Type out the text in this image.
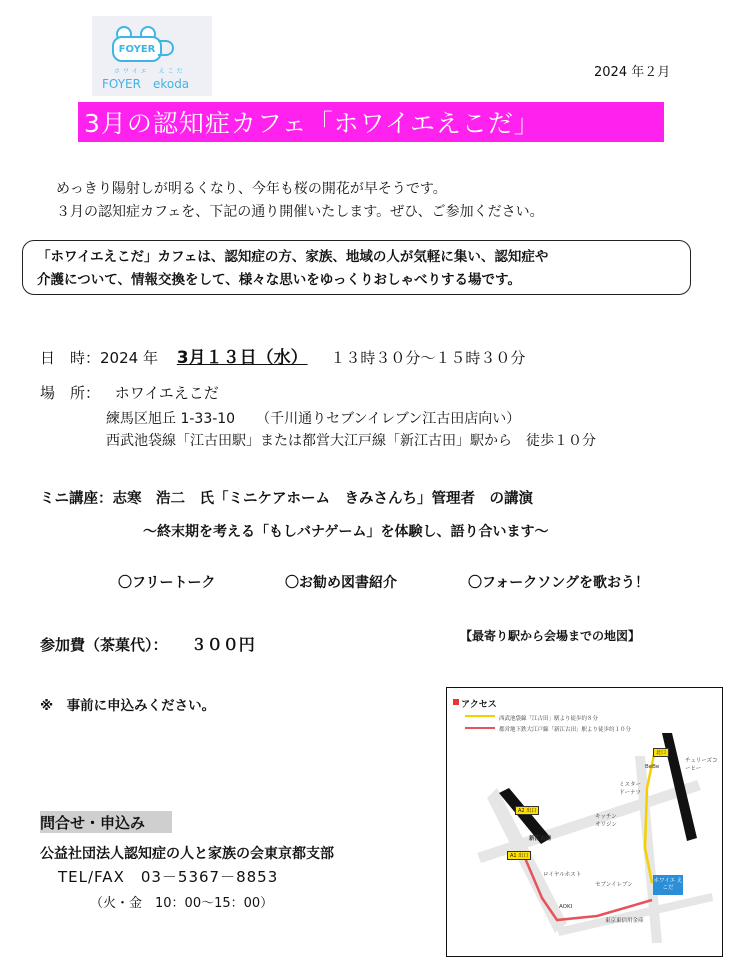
FOYER
ホワイエ　えこだ
FOYER　ekoda
2024 年２月
3月の認知症カフェ「ホワイエえこだ」
めっきり陽射しが明るくなり、今年も桜の開花が早そうです。
３月の認知症カフェを、下記の通り開催いたします。ぜひ、ご参加ください。
「ホワイエえこだ」カフェは、認知症の方、家族、地域の人が気軽に集い、認知症や
介護について、情報交換をして、様々な思いをゆっくりおしゃべりする場です。
日　時：2024 年 3月１３日（水） １３時３０分～１５時３０分
場　所： ホワイエえこだ
練馬区旭丘 1-33-10　　（千川通りセブンイレブン江古田店向い）
西武池袋線「江古田駅」または都営大江戸線「新江古田」駅から　徒歩１０分
ミニ講座：志寒　浩二　氏「ミニケアホーム　きみさんち」管理者　の講演
～終末期を考える「もしバナゲーム」を体験し、語り合います～
〇フリートーク	〇お勧め図書紹介	〇フォークソングを歌おう！
参加費（茶菓代）： ３００円	【最寄り駅から会場までの地図】
※　事前に申込みください。
問合せ・申込み
公益社団法人認知症の人と家族の会東京都支部
TEL/FAX　03－5367－8853
（火・金　10：00～15：00）
アクセス
西武池袋線「江古田」駅より徒歩約８分
都営地下鉄大江戸線「新江古田」駅より徒歩約１０分
北口
BeBe
チェリーズコーヒー
ミスター
ドーナツ
キッチン
オリジン
セブンイレブン
ロイヤルホスト
AOKI
東京東信用金庫
A2 出口
A1 出口
新江古田
ホワイエ えこだ
